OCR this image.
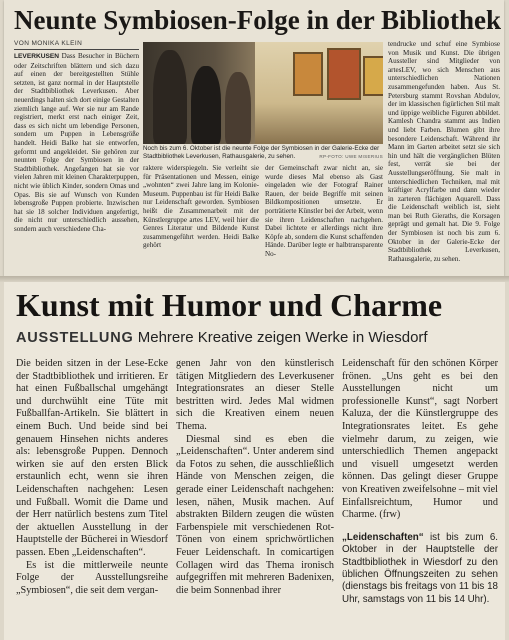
Neunte Symbiosen-Folge in der Bibliothek
VON MONIKA KLEIN
LEVERKUSEN Dass Besucher in Büchern oder Zeitschriften blättern und sich dazu auf einen der bereitgestellten Stühle setzten, ist ganz normal in der Hauptstelle der Stadtbibliothek Leverkusen. Aber neuerdings halten sich dort einige Gestalten ziemlich lange auf. Wer sie nur am Rande registriert, merkt erst nach einiger Zeit, dass es sich nicht um lebendige Personen, sondern um Puppen in Lebensgröße handelt. Heidi Balke hat sie entworfen, geformt und angekleidet. Sie gehören zur neunten Folge der Symbiosen in der Stadtbibliothek. Angefangen hat sie vor vielen Jahren mit kleinen Charakterpuppen, nicht wie üblich Kinder, sondern Omas und Opas. Bis sie auf Wunsch von Kunden lebensgroße Puppen probierte. Inzwischen hat sie 18 solcher Individuen angefertigt, die nicht nur unterschiedlich aussehen, sondern auch verschiedene Cha-
Noch bis zum 6. Oktober ist die neunte Folge der Symbiosen in der Galerie-Ecke der Stadtbibliothek Leverkusen, Rathausgalerie, zu sehen.	RP-FOTO: UWE MISERIUS
rakterе widerspiegeln. Sie verleiht sie für Präsentationen und Messen, einige „wohnten“ zwei Jahre lang im Kolonie-Museum. Puppenbau ist für Heidi Balke nur Leidenschaft geworden. Symbiosen heißt die Zusammenarbeit mit der Künstlergruppe artes LEV, weil hier die Genres Literatur und Bildende Kunst zusammengeführt werden. Heidi Balke gehört
der Gemeinschaft zwar nicht an, sie wurde dieses Mal ebenso als Gast eingeladen wie der Fotograf Rainer Rauen, der beide Begriffe mit seinen Bildkompositionen umsetzte. Er porträtierte Künstler bei der Arbeit, wenn sie ihren Leidenschaften nachgehen. Dabei lichtete er allerdings nicht ihre Köpfe ab, sondern die Kunst schaffenden Hände. Darüber legte er halbtransparente No-
tendrucke und schuf eine Symbiose von Musik und Kunst. Die übrigen Aussteller sind Mitglieder von artesLEV, wo sich Menschen aus unterschiedlichen Nationen zusammengefunden haben. Aus St. Petersburg stammt Rovshan Abdulov, der im klassischen figürlichen Stil malt und üppige weibliche Figuren abbildet. Kamlesh Chandra stammt aus Indien und liebt Farben. Blumen gibt ihre besondere Leidenschaft. Während ihr Mann im Garten arbeitet setzt sie sich hin und hält die vergänglichen Blüten fest, verrät sie bei der Ausstellungseröffnung. Sie malt in unterschiedlichen Techniken, mal mit kräftiger Acrylfarbe und dann wieder in zarteren flächigen Aquarell. Dass die Leidenschaft weiblich ist, sieht man bei Ruth Gieraths, die Korsagen geprägt und gemalt hat. Die 9. Folge der Symbiosen ist noch bis zum 6. Oktober in der Galerie-Ecke der Stadtbibliothek Leverkusen, Rathausgalerie, zu sehen.
Kunst mit Humor und Charme
AUSSTELLUNG Mehrere Kreative zeigen Werke in Wiesdorf

Die beiden sitzen in der Lese-Ecke der Stadtbibliothek und irritieren. Er hat einen Fußballschal umgehängt und durchwühlt eine Tüte mit Fußballfan-Artikeln. Sie blättert in einem Buch. Und beide sind bei genauem Hinsehen nichts anderes als: lebensgroße Puppen. Dennoch wirken sie auf den ersten Blick erstaunlich echt, wenn sie ihren Leidenschaften nachgehen: Lesen und Fußball. Womit die Dame und der Herr natürlich bestens zum Titel der aktuellen Ausstellung in der Hauptstelle der Bücherei in Wiesdorf passen. Eben „Leidenschaften“.

Es ist die mittlerweile neunte Folge der Ausstellungsreihe „Symbiosen“, die seit dem vergan-

genen Jahr von den künstlerisch tätigen Mitgliedern des Leverkusener Integrationsrates an dieser Stelle bestritten wird. Jedes Mal widmen sich die Kreativen einem neuen Thema.

Diesmal sind es eben die „Leidenschaften“. Unter anderem sind da Fotos zu sehen, die ausschließlich Hände von Menschen zeigen, die gerade einer Leidenschaft nachgehen: lesen, nähen, Musik machen. Auf abstrakten Bildern zeugen die wüsten Farbenspiele mit verschiedenen Rot-Tönen von einem sprichwörtlichen Feuer Leidenschaft. In comicartigen Collagen wird das Thema ironisch aufgegriffen mit mehreren Badenixen, die beim Sonnenbad ihrer

Leidenschaft für den schönen Körper frönen. „Uns geht es bei den Ausstellungen nicht um professionelle Kunst“, sagt Norbert Kaluza, der die Künstlergruppe des Integrationsrates leitet. Es gehe vielmehr darum, zu zeigen, wie unterschiedlich Themen angepackt und visuell umgesetzt werden können. Das gelingt dieser Gruppe von Kreativen zweifelsohne – mit viel Einfallsreichtum, Humor und Charme. (frw)

„Leidenschaften“ ist bis zum 6. Oktober in der Hauptstelle der Stadtbibliothek in Wiesdorf zu den üblichen Öffnungszeiten zu sehen (dienstags bis freitags von 11 bis 18 Uhr, samstags von 11 bis 14 Uhr).
